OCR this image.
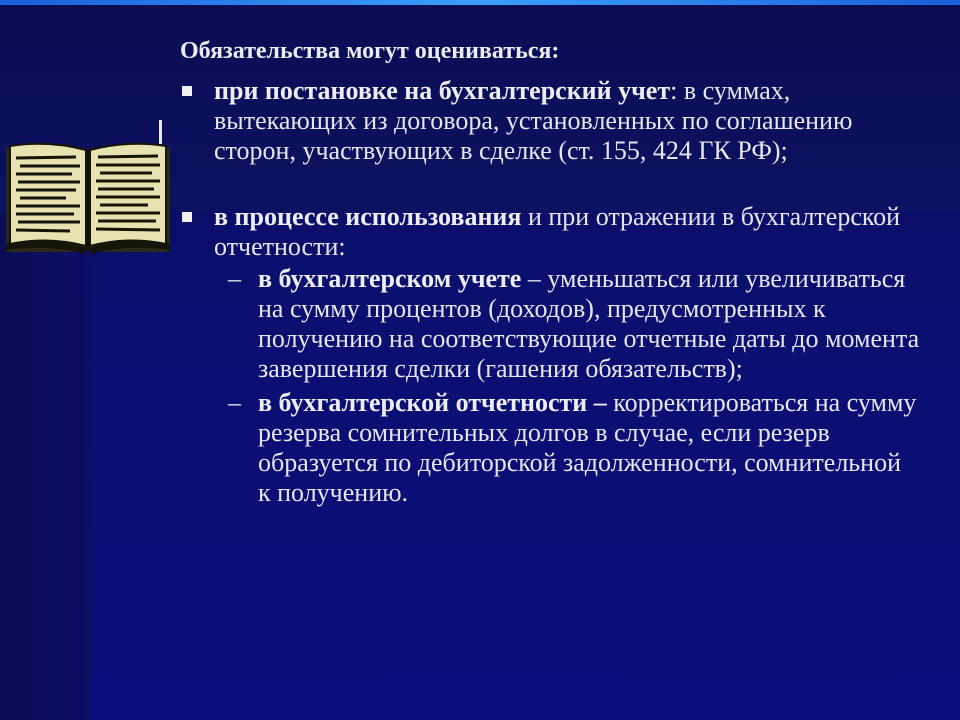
Обязательства могут оцениваться:

при постановке на бухгалтерский учет: в суммах, вытекающих из договора, установленных по соглашению сторон, участвующих в сделке (ст. 155, 424 ГК РФ);

в процессе использования и при отражении в бухгалтерской отчетности:

– в бухгалтерском учете – уменьшаться или увеличиваться на сумму процентов (доходов), предусмотренных к получению на соответствующие отчетные даты до момента завершения сделки (гашения обязательств);

– в бухгалтерской отчетности – корректироваться на сумму резерва сомнительных долгов в случае, если резерв образуется по дебиторской задолженности, сомнительной к получению.
